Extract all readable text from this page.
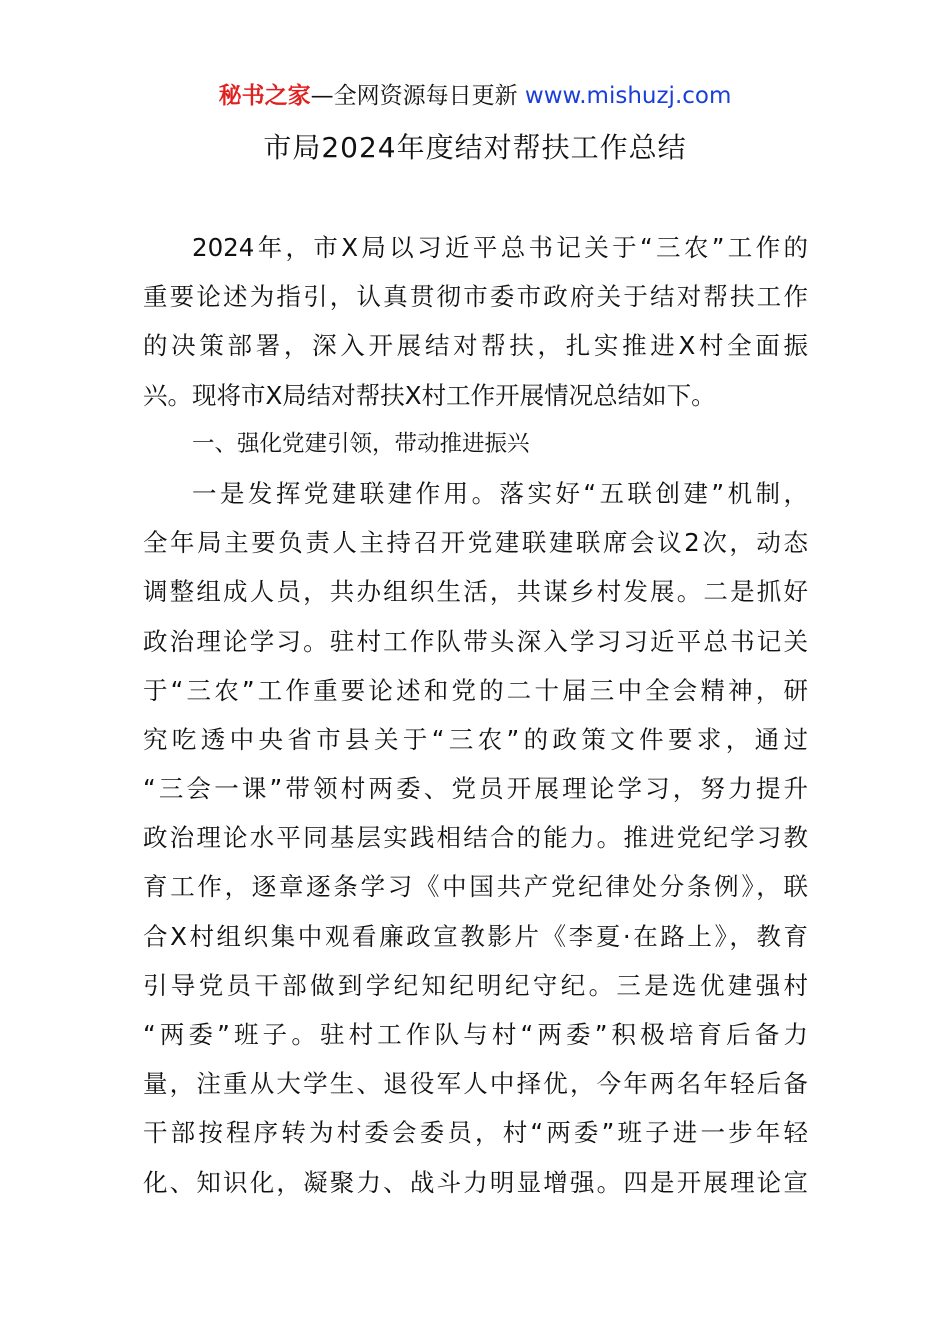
秘书之家—全网资源每日更新 www.mishuzj.com
市局2024年度结对帮扶工作总结

2024年，市X局以习近平总书记关于“三农”工作的
重要论述为指引，认真贯彻市委市政府关于结对帮扶工作
的决策部署，深入开展结对帮扶，扎实推进X村全面振
兴。现将市X局结对帮扶X村工作开展情况总结如下。

一、强化党建引领，带动推进振兴

一是发挥党建联建作用。落实好“五联创建”机制，
全年局主要负责人主持召开党建联建联席会议2次，动态
调整组成人员，共办组织生活，共谋乡村发展。二是抓好
政治理论学习。驻村工作队带头深入学习习近平总书记关
于“三农”工作重要论述和党的二十届三中全会精神，研
究吃透中央省市县关于“三农”的政策文件要求，通过
“三会一课”带领村两委、党员开展理论学习，努力提升
政治理论水平同基层实践相结合的能力。推进党纪学习教
育工作，逐章逐条学习《中国共产党纪律处分条例》，联
合X村组织集中观看廉政宣教影片《李夏·在路上》，教育
引导党员干部做到学纪知纪明纪守纪。三是选优建强村
“两委”班子。驻村工作队与村“两委”积极培育后备力
量，注重从大学生、退役军人中择优，今年两名年轻后备
干部按程序转为村委会委员，村“两委”班子进一步年轻
化、知识化，凝聚力、战斗力明显增强。四是开展理论宣
